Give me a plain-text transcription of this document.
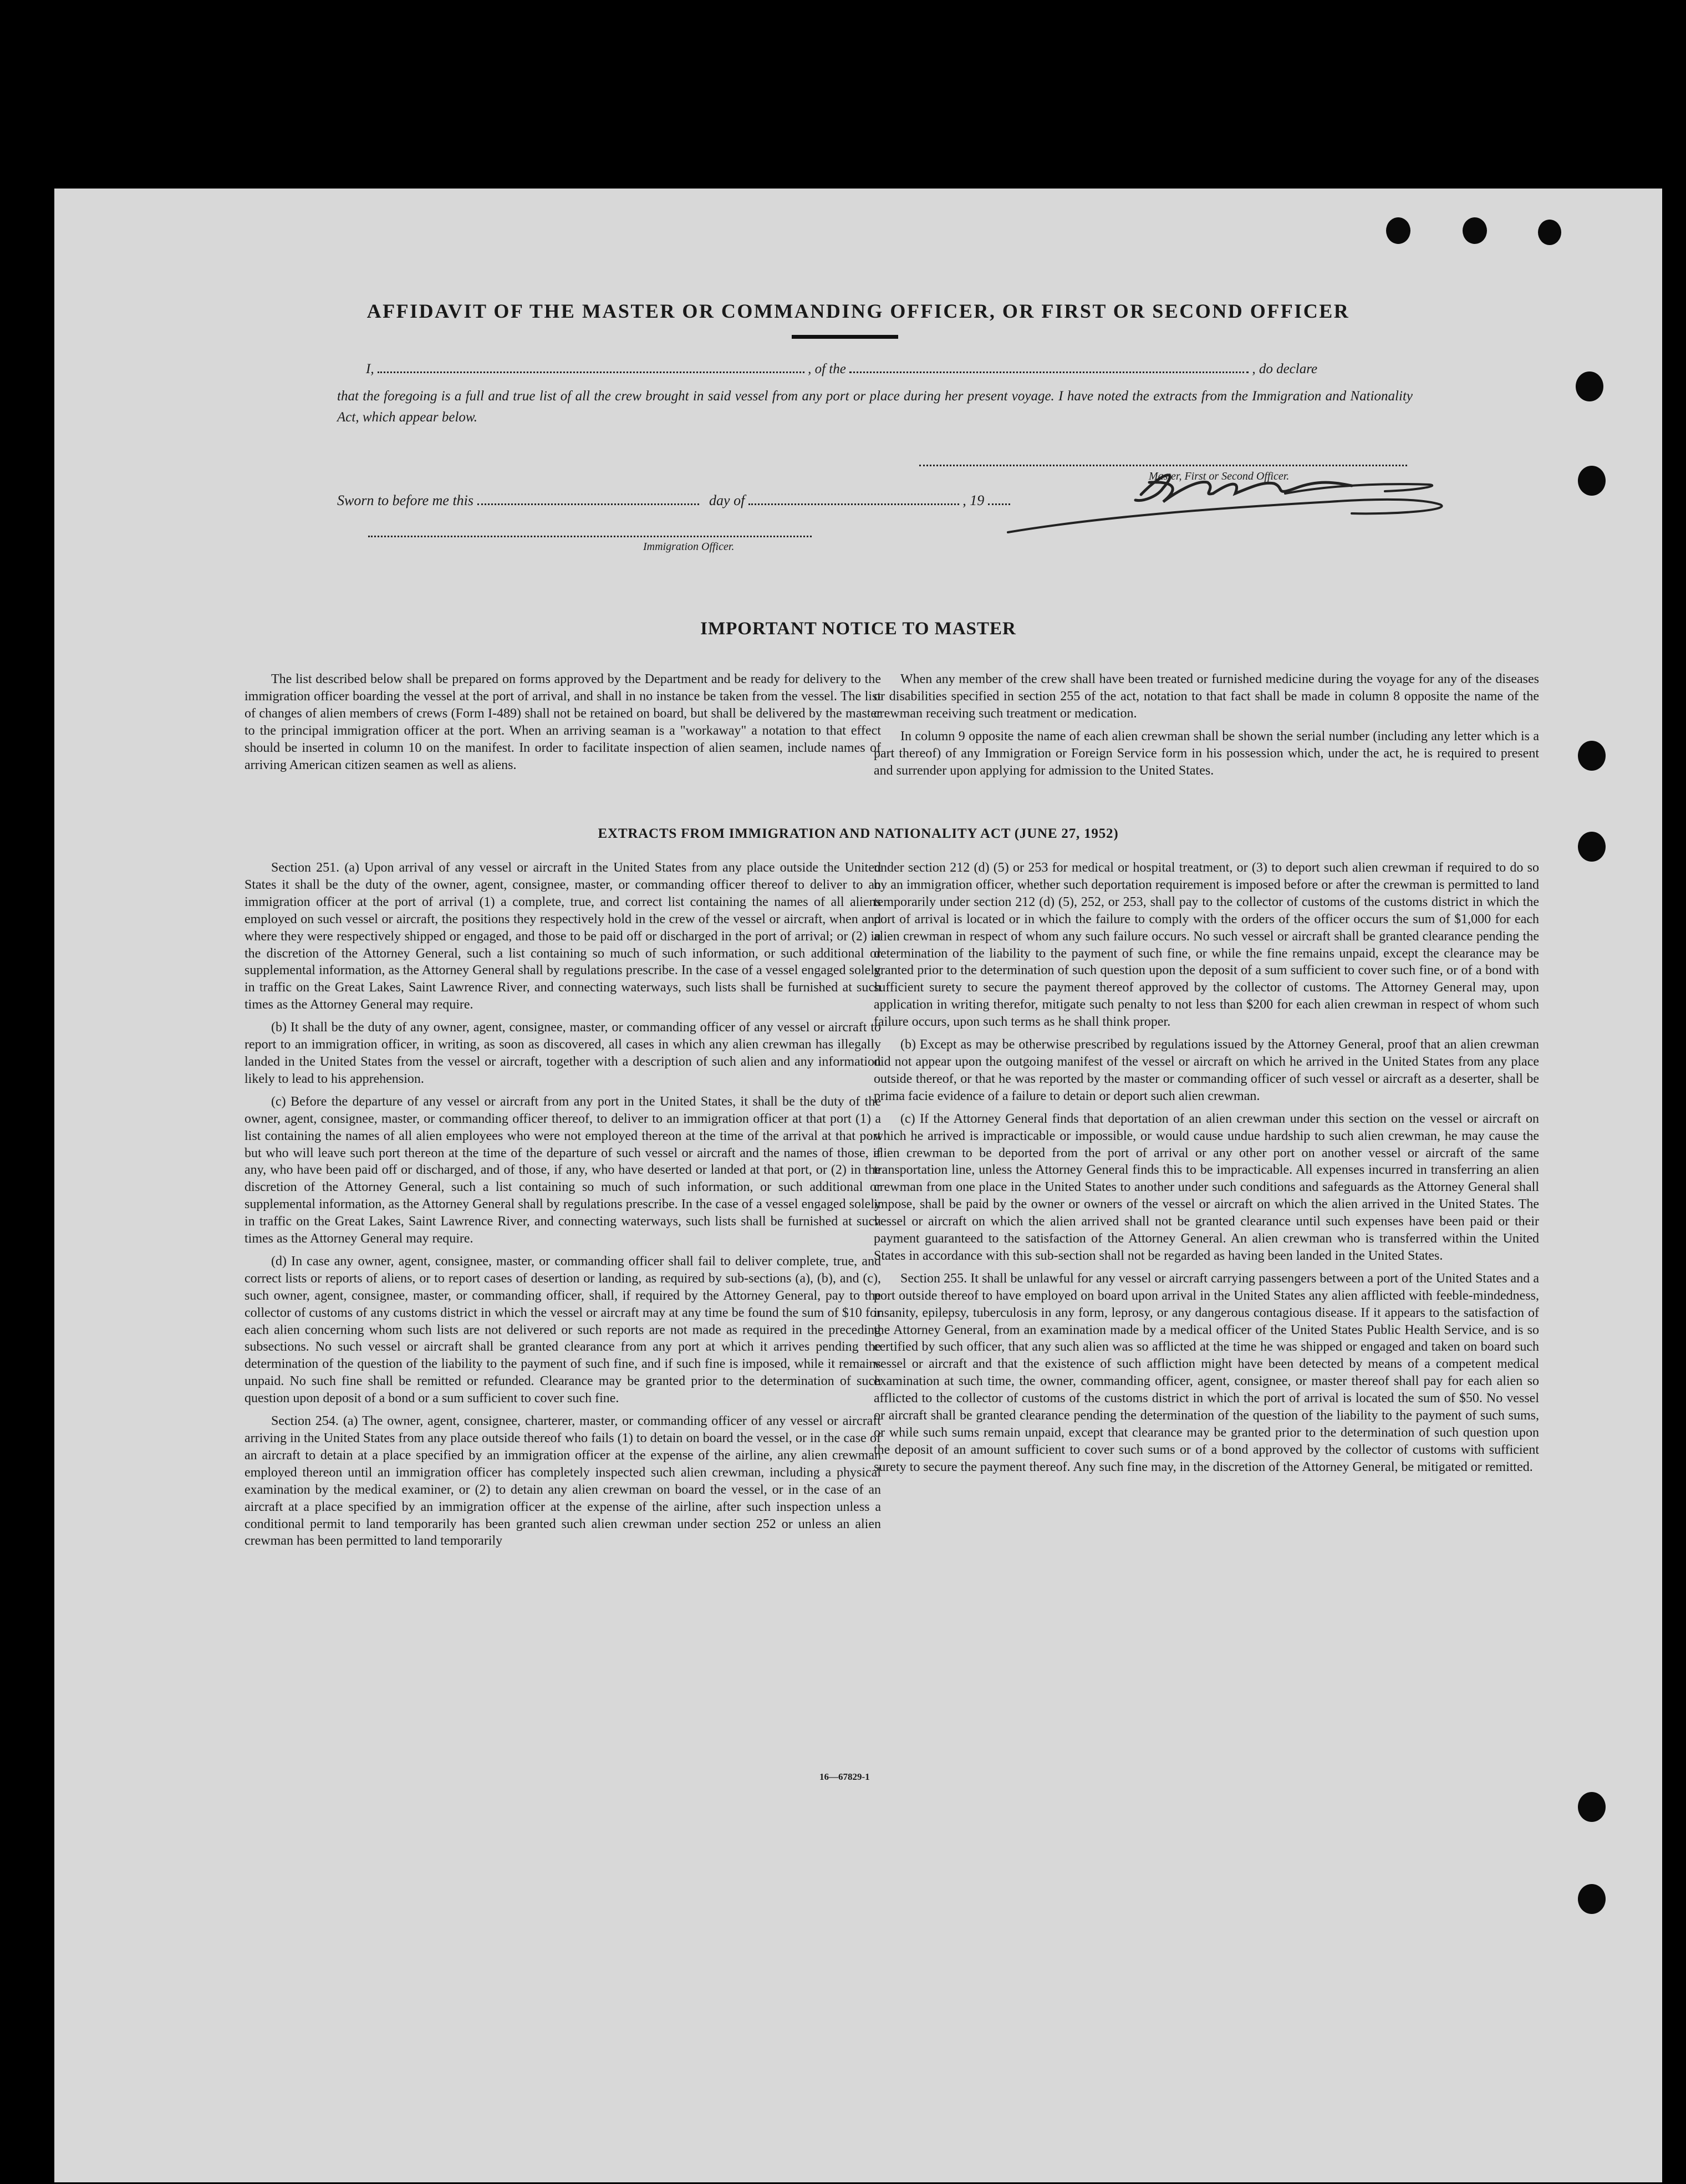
AFFIDAVIT OF THE MASTER OR COMMANDING OFFICER, OR FIRST OR SECOND OFFICER
I,	, of the	, do declare
that the foregoing is a full and true list of all the crew brought in said vessel from any port or place during her present voyage. I have noted the extracts from the Immigration and Nationality Act, which appear below.
Master, First or Second Officer.
Sworn to before me this	day of	, 19
Immigration Officer.
IMPORTANT NOTICE TO MASTER

The list described below shall be prepared on forms approved by the Department and be ready for delivery to the immigration officer boarding the vessel at the port of arrival, and shall in no instance be taken from the vessel. The list of changes of alien members of crews (Form I-489) shall not be retained on board, but shall be delivered by the master to the principal immigration officer at the port. When an arriving seaman is a "workaway" a notation to that effect should be inserted in column 10 on the manifest. In order to facilitate inspection of alien seamen, include names of arriving American citizen seamen as well as aliens.

When any member of the crew shall have been treated or furnished medicine during the voyage for any of the diseases or disabilities specified in section 255 of the act, notation to that fact shall be made in column 8 opposite the name of the crewman receiving such treatment or medication.

In column 9 opposite the name of each alien crewman shall be shown the serial number (including any letter which is a part thereof) of any Immigration or Foreign Service form in his possession which, under the act, he is required to present and surrender upon applying for admission to the United States.

EXTRACTS FROM IMMIGRATION AND NATIONALITY ACT (JUNE 27, 1952)

Section 251. (a) Upon arrival of any vessel or aircraft in the United States from any place outside the United States it shall be the duty of the owner, agent, consignee, master, or commanding officer thereof to deliver to an immigration officer at the port of arrival (1) a complete, true, and correct list containing the names of all aliens employed on such vessel or aircraft, the positions they respectively hold in the crew of the vessel or aircraft, when and where they were respectively shipped or engaged, and those to be paid off or discharged in the port of arrival; or (2) in the discretion of the Attorney General, such a list containing so much of such information, or such additional or supplemental information, as the Attorney General shall by regulations prescribe. In the case of a vessel engaged solely in traffic on the Great Lakes, Saint Lawrence River, and connecting waterways, such lists shall be furnished at such times as the Attorney General may require.

(b) It shall be the duty of any owner, agent, consignee, master, or commanding officer of any vessel or aircraft to report to an immigration officer, in writing, as soon as discovered, all cases in which any alien crewman has illegally landed in the United States from the vessel or aircraft, together with a description of such alien and any information likely to lead to his apprehension.

(c) Before the departure of any vessel or aircraft from any port in the United States, it shall be the duty of the owner, agent, consignee, master, or commanding officer thereof, to deliver to an immigration officer at that port (1) a list containing the names of all alien employees who were not employed thereon at the time of the arrival at that port but who will leave such port thereon at the time of the departure of such vessel or aircraft and the names of those, if any, who have been paid off or discharged, and of those, if any, who have deserted or landed at that port, or (2) in the discretion of the Attorney General, such a list containing so much of such information, or such additional or supplemental information, as the Attorney General shall by regulations prescribe. In the case of a vessel engaged solely in traffic on the Great Lakes, Saint Lawrence River, and connecting waterways, such lists shall be furnished at such times as the Attorney General may require.

(d) In case any owner, agent, consignee, master, or commanding officer shall fail to deliver complete, true, and correct lists or reports of aliens, or to report cases of desertion or landing, as required by sub-sections (a), (b), and (c), such owner, agent, consignee, master, or commanding officer, shall, if required by the Attorney General, pay to the collector of customs of any customs district in which the vessel or aircraft may at any time be found the sum of $10 for each alien concerning whom such lists are not delivered or such reports are not made as required in the preceding subsections. No such vessel or aircraft shall be granted clearance from any port at which it arrives pending the determination of the question of the liability to the payment of such fine, and if such fine is imposed, while it remains unpaid. No such fine shall be remitted or refunded. Clearance may be granted prior to the determination of such question upon deposit of a bond or a sum sufficient to cover such fine.

Section 254. (a) The owner, agent, consignee, charterer, master, or commanding officer of any vessel or aircraft arriving in the United States from any place outside thereof who fails (1) to detain on board the vessel, or in the case of an aircraft to detain at a place specified by an immigration officer at the expense of the airline, any alien crewman employed thereon until an immigration officer has completely inspected such alien crewman, including a physical examination by the medical examiner, or (2) to detain any alien crewman on board the vessel, or in the case of an aircraft at a place specified by an immigration officer at the expense of the airline, after such inspection unless a conditional permit to land temporarily has been granted such alien crewman under section 252 or unless an alien crewman has been permitted to land temporarily

under section 212 (d) (5) or 253 for medical or hospital treatment, or (3) to deport such alien crewman if required to do so by an immigration officer, whether such deportation requirement is imposed before or after the crewman is permitted to land temporarily under section 212 (d) (5), 252, or 253, shall pay to the collector of customs of the customs district in which the port of arrival is located or in which the failure to comply with the orders of the officer occurs the sum of $1,000 for each alien crewman in respect of whom any such failure occurs. No such vessel or aircraft shall be granted clearance pending the determination of the liability to the payment of such fine, or while the fine remains unpaid, except the clearance may be granted prior to the determination of such question upon the deposit of a sum sufficient to cover such fine, or of a bond with sufficient surety to secure the payment thereof approved by the collector of customs. The Attorney General may, upon application in writing therefor, mitigate such penalty to not less than $200 for each alien crewman in respect of whom such failure occurs, upon such terms as he shall think proper.

(b) Except as may be otherwise prescribed by regulations issued by the Attorney General, proof that an alien crewman did not appear upon the outgoing manifest of the vessel or aircraft on which he arrived in the United States from any place outside thereof, or that he was reported by the master or commanding officer of such vessel or aircraft as a deserter, shall be prima facie evidence of a failure to detain or deport such alien crewman.

(c) If the Attorney General finds that deportation of an alien crewman under this section on the vessel or aircraft on which he arrived is impracticable or impossible, or would cause undue hardship to such alien crewman, he may cause the alien crewman to be deported from the port of arrival or any other port on another vessel or aircraft of the same transportation line, unless the Attorney General finds this to be impracticable. All expenses incurred in transferring an alien crewman from one place in the United States to another under such conditions and safeguards as the Attorney General shall impose, shall be paid by the owner or owners of the vessel or aircraft on which the alien arrived in the United States. The vessel or aircraft on which the alien arrived shall not be granted clearance until such expenses have been paid or their payment guaranteed to the satisfaction of the Attorney General. An alien crewman who is transferred within the United States in accordance with this sub-section shall not be regarded as having been landed in the United States.

Section 255. It shall be unlawful for any vessel or aircraft carrying passengers between a port of the United States and a port outside thereof to have employed on board upon arrival in the United States any alien afflicted with feeble-mindedness, insanity, epilepsy, tuberculosis in any form, leprosy, or any dangerous contagious disease. If it appears to the satisfaction of the Attorney General, from an examination made by a medical officer of the United States Public Health Service, and is so certified by such officer, that any such alien was so afflicted at the time he was shipped or engaged and taken on board such vessel or aircraft and that the existence of such affliction might have been detected by means of a competent medical examination at such time, the owner, commanding officer, agent, consignee, or master thereof shall pay for each alien so afflicted to the collector of customs of the customs district in which the port of arrival is located the sum of $50. No vessel or aircraft shall be granted clearance pending the determination of the question of the liability to the payment of such sums, or while such sums remain unpaid, except that clearance may be granted prior to the determination of such question upon the deposit of an amount sufficient to cover such sums or of a bond approved by the collector of customs with sufficient surety to secure the payment thereof. Any such fine may, in the discretion of the Attorney General, be mitigated or remitted.

16—67829-1
